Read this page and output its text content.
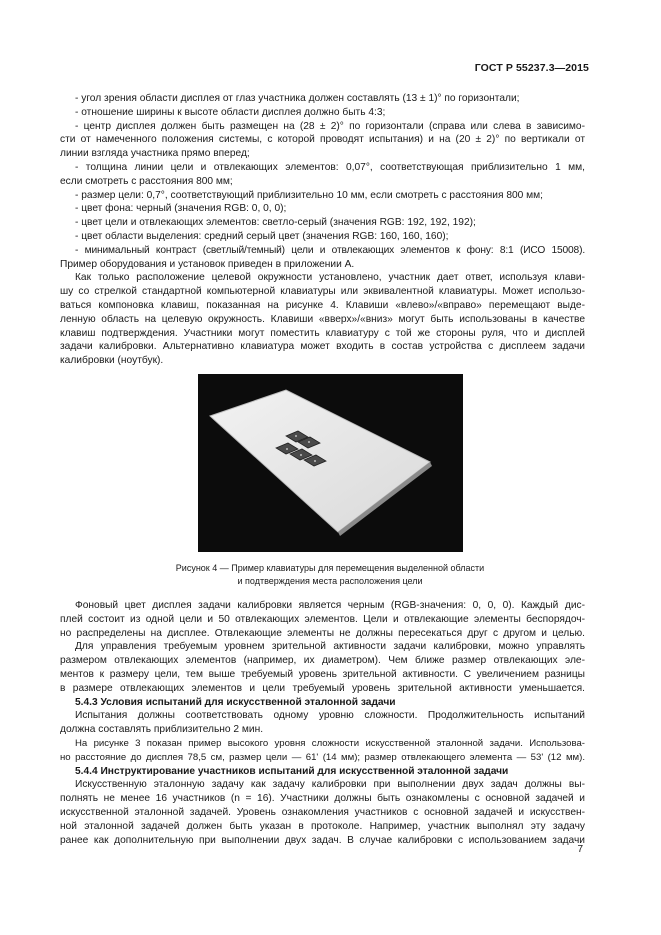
ГОСТ Р 55237.3—2015
- угол зрения области дисплея от глаз участника должен составлять (13 ± 1)° по горизонтали;
- отношение ширины к высоте области дисплея должно быть 4:3;
- центр дисплея должен быть размещен на (28 ± 2)° по горизонтали (справа или слева в зависимо-
сти от намеченного положения системы, с которой проводят испытания) и на (20 ± 2)° по вертикали от
линии взгляда участника прямо вперед;
- толщина линии цели и отвлекающих элементов: 0,07°, соответствующая приблизительно 1 мм,
если смотреть с расстояния 800 мм;
- размер цели: 0,7°, соответствующий приблизительно 10 мм, если смотреть с расстояния 800 мм;
- цвет фона: черный (значения RGB: 0, 0, 0);
- цвет цели и отвлекающих элементов: светло-серый (значения RGB: 192, 192, 192);
- цвет области выделения: средний серый цвет (значения RGB: 160, 160, 160);
- минимальный контраст (светлый/темный) цели и отвлекающих элементов к фону: 8:1 (ИСО 15008).
Пример оборудования и установок приведен в приложении А.
Как только расположение целевой окружности установлено, участник дает ответ, используя клави-
шу со стрелкой стандартной компьютерной клавиатуры или эквивалентной клавиатуры. Может использо-
ваться компоновка клавиш, показанная на рисунке 4. Клавиши «влево»/«вправо» перемещают выде-
ленную область на целевую окружность. Клавиши «вверх»/«вниз» могут быть использованы в качестве
клавиш подтверждения. Участники могут поместить клавиатуру с той же стороны руля, что и дисплей
задачи калибровки. Альтернативно клавиатура может входить в состав устройства с дисплеем задачи
калибровки (ноутбук).
Рисунок 4 — Пример клавиатуры для перемещения выделенной области
и подтверждения места расположения цели
Фоновый цвет дисплея задачи калибровки является черным (RGB-значения: 0, 0, 0). Каждый дис-
плей состоит из одной цели и 50 отвлекающих элементов. Цели и отвлекающие элементы беспорядоч-
но распределены на дисплее. Отвлекающие элементы не должны пересекаться друг с другом и целью.
Для управления требуемым уровнем зрительной активности задачи калибровки, можно управлять
размером отвлекающих элементов (например, их диаметром). Чем ближе размер отвлекающих эле-
ментов к размеру цели, тем выше требуемый уровень зрительной активности. С увеличением разницы
в размере отвлекающих элементов и цели требуемый уровень зрительной активности уменьшается.
5.4.3 Условия испытаний для искусственной эталонной задачи
Испытания должны соответствовать одному уровню сложности. Продолжительность испытаний
должна составлять приблизительно 2 мин.
На рисунке 3 показан пример высокого уровня сложности искусственной эталонной задачи. Использова-
но расстояние до дисплея 78,5 см, размер цели — 61' (14 мм); размер отвлекающего элемента — 53' (12 мм).
5.4.4 Инструктирование участников испытаний для искусственной эталонной задачи
Искусственную эталонную задачу как задачу калибровки при выполнении двух задач должны вы-
полнять не менее 16 участников (n = 16). Участники должны быть ознакомлены с основной задачей и
искусственной эталонной задачей. Уровень ознакомления участников с основной задачей и искусствен-
ной эталонной задачей должен быть указан в протоколе. Например, участник выполнял эту задачу
ранее как дополнительную при выполнении двух задач. В случае калибровки с использованием задачи
7
